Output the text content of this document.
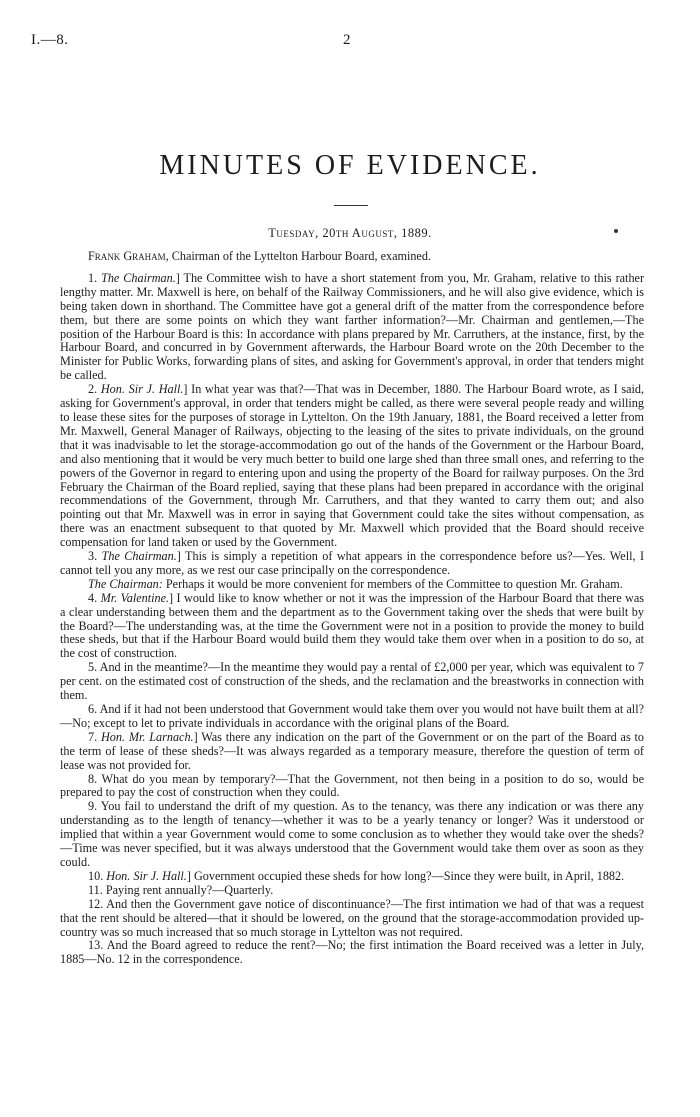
I.—8.	2
MINUTES OF EVIDENCE.
Tuesday, 20th August, 1889.

Frank Graham, Chairman of the Lyttelton Harbour Board, examined.

1. The Chairman.] The Committee wish to have a short statement from you, Mr. Graham, relative to this rather lengthy matter. Mr. Maxwell is here, on behalf of the Railway Commissioners, and he will also give evidence, which is being taken down in shorthand. The Committee have got a general drift of the matter from the correspondence before them, but there are some points on which they want farther information?—Mr. Chairman and gentlemen,—The position of the Harbour Board is this: In accordance with plans prepared by Mr. Carruthers, at the instance, first, by the Harbour Board, and concurred in by Government afterwards, the Harbour Board wrote on the 20th December to the Minister for Public Works, forwarding plans of sites, and asking for Government's approval, in order that tenders might be called.

2. Hon. Sir J. Hall.] In what year was that?—That was in December, 1880. The Harbour Board wrote, as I said, asking for Government's approval, in order that tenders might be called, as there were several people ready and willing to lease these sites for the purposes of storage in Lyttelton. On the 19th January, 1881, the Board received a letter from Mr. Maxwell, General Manager of Railways, objecting to the leasing of the sites to private individuals, on the ground that it was inadvisable to let the storage-accommodation go out of the hands of the Government or the Harbour Board, and also mentioning that it would be very much better to build one large shed than three small ones, and referring to the powers of the Governor in regard to entering upon and using the property of the Board for railway purposes. On the 3rd February the Chairman of the Board replied, saying that these plans had been prepared in accordance with the original recommendations of the Government, through Mr. Carruthers, and that they wanted to carry them out; and also pointing out that Mr. Maxwell was in error in saying that Government could take the sites without compensation, as there was an enactment subsequent to that quoted by Mr. Maxwell which provided that the Board should receive compensation for land taken or used by the Government.

3. The Chairman.] This is simply a repetition of what appears in the correspondence before us?—Yes. Well, I cannot tell you any more, as we rest our case principally on the correspondence.

The Chairman: Perhaps it would be more convenient for members of the Committee to question Mr. Graham.

4. Mr. Valentine.] I would like to know whether or not it was the impression of the Harbour Board that there was a clear understanding between them and the department as to the Government taking over the sheds that were built by the Board?—The understanding was, at the time the Government were not in a position to provide the money to build these sheds, but that if the Harbour Board would build them they would take them over when in a position to do so, at the cost of construction.

5. And in the meantime?—In the meantime they would pay a rental of £2,000 per year, which was equivalent to 7 per cent. on the estimated cost of construction of the sheds, and the reclamation and the breastworks in connection with them.

6. And if it had not been understood that Government would take them over you would not have built them at all?—No; except to let to private individuals in accordance with the original plans of the Board.

7. Hon. Mr. Larnach.] Was there any indication on the part of the Government or on the part of the Board as to the term of lease of these sheds?—It was always regarded as a temporary measure, therefore the question of term of lease was not provided for.

8. What do you mean by temporary?—That the Government, not then being in a position to do so, would be prepared to pay the cost of construction when they could.

9. You fail to understand the drift of my question. As to the tenancy, was there any indication or was there any understanding as to the length of tenancy—whether it was to be a yearly tenancy or longer? Was it understood or implied that within a year Government would come to some conclusion as to whether they would take over the sheds?—Time was never specified, but it was always understood that the Government would take them over as soon as they could.

10. Hon. Sir J. Hall.] Government occupied these sheds for how long?—Since they were built, in April, 1882.

11. Paying rent annually?—Quarterly.

12. And then the Government gave notice of discontinuance?—The first intimation we had of that was a request that the rent should be altered—that it should be lowered, on the ground that the storage-accommodation provided up-country was so much increased that so much storage in Lyttelton was not required.

13. And the Board agreed to reduce the rent?—No; the first intimation the Board received was a letter in July, 1885—No. 12 in the correspondence.
